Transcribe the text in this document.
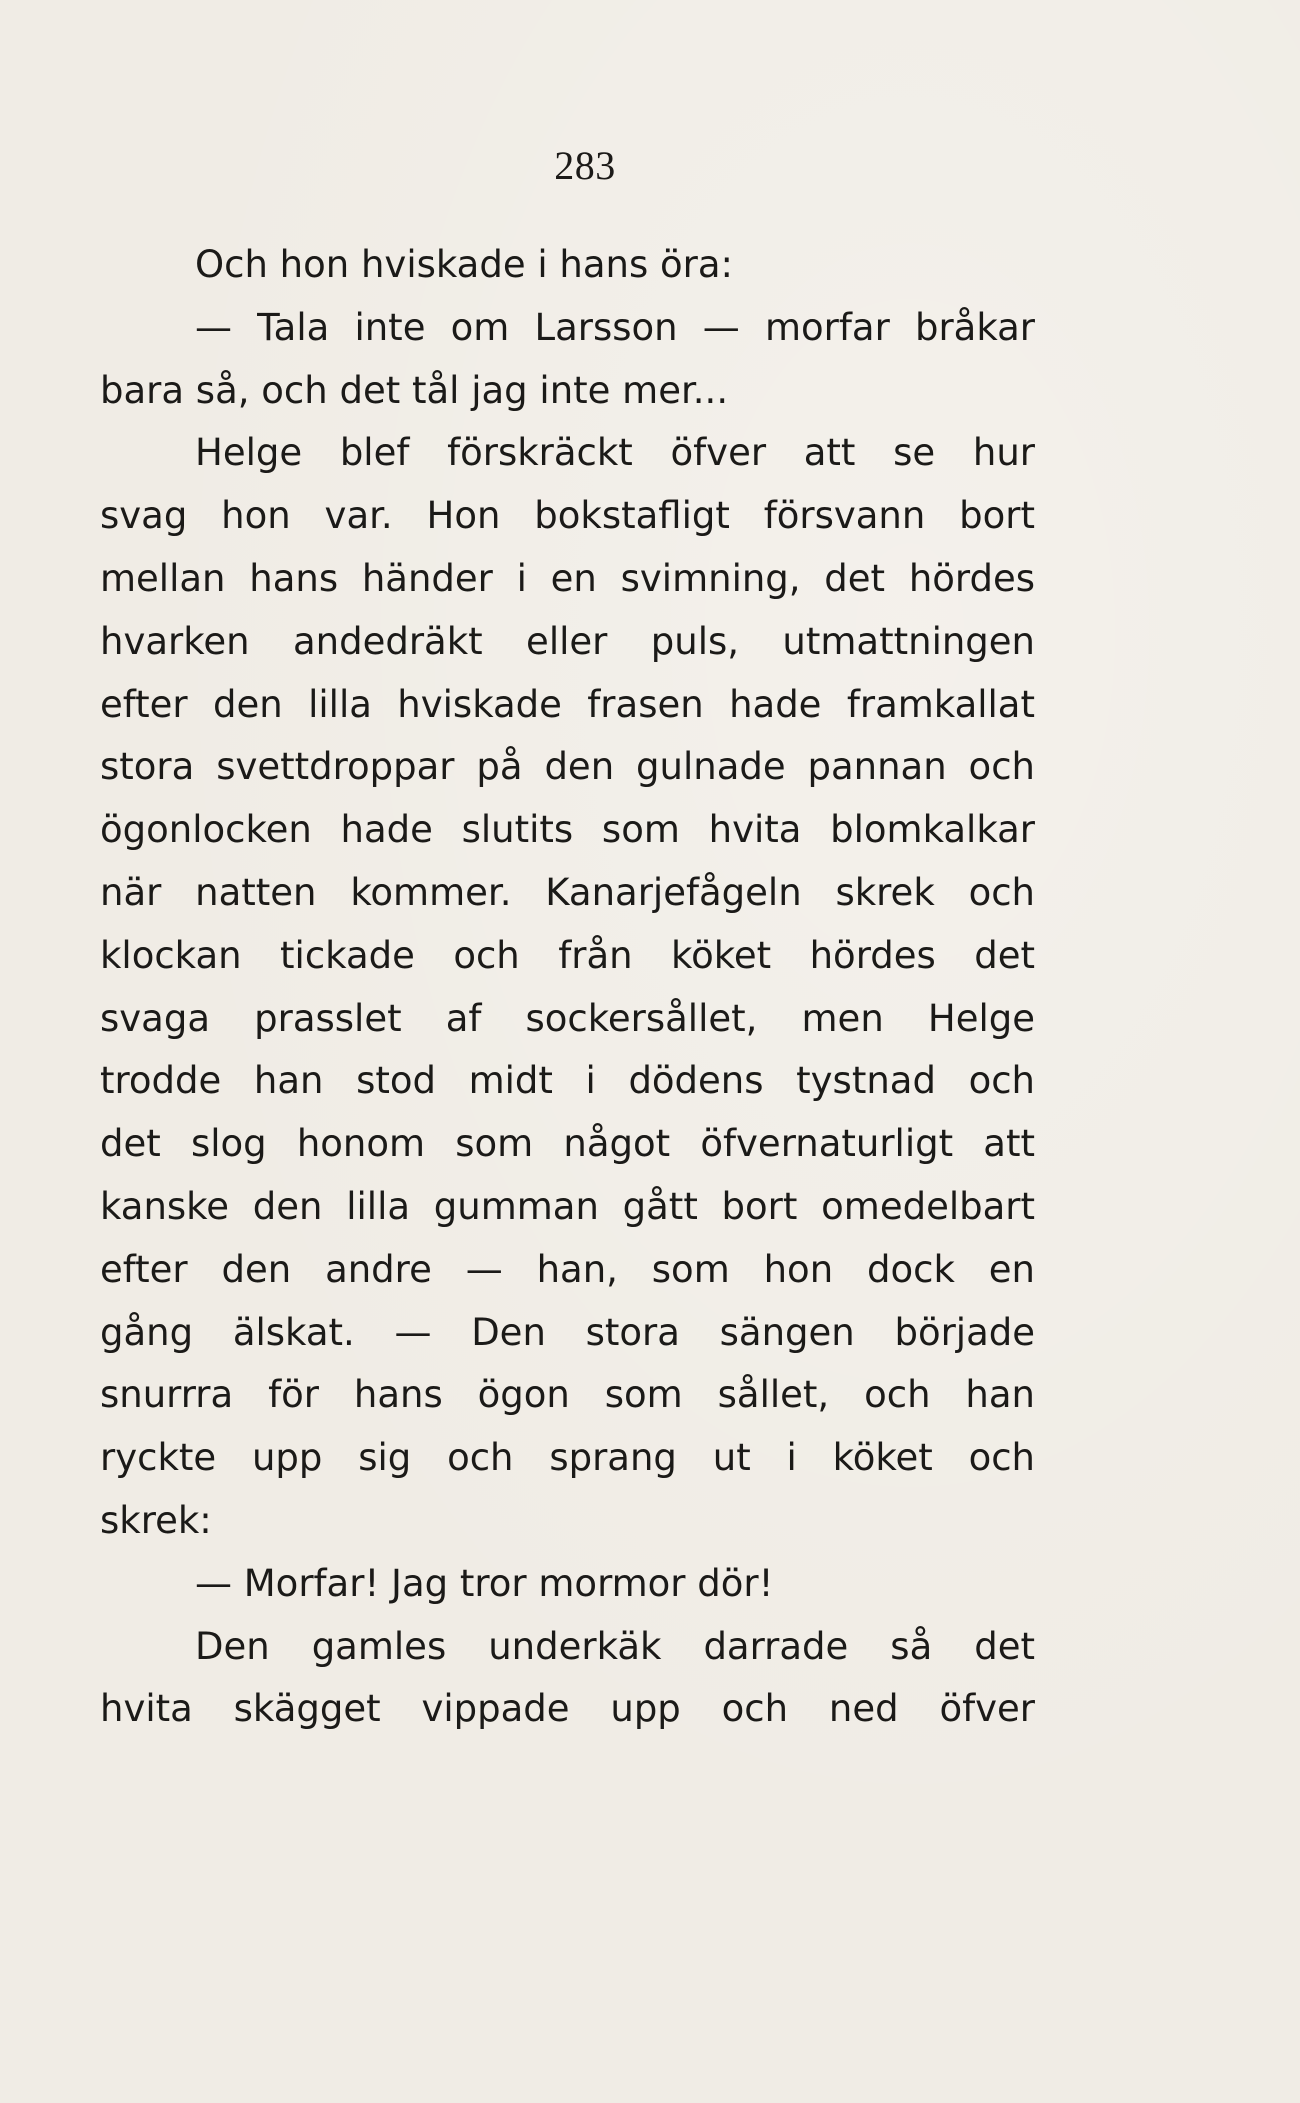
283
Och hon hviskade i hans öra:
— Tala inte om Larsson — morfar bråkar
bara så, och det tål jag inte mer...
Helge blef förskräckt öfver att se hur
svag hon var. Hon bokstafligt försvann bort
mellan hans händer i en svimning, det hördes
hvarken andedräkt eller puls, utmattningen
efter den lilla hviskade frasen hade framkallat
stora svettdroppar på den gulnade pannan och
ögonlocken hade slutits som hvita blomkalkar
när natten kommer. Kanarjefågeln skrek och
klockan tickade och från köket hördes det
svaga prasslet af sockersållet, men Helge
trodde han stod midt i dödens tystnad och
det slog honom som något öfvernaturligt att
kanske den lilla gumman gått bort omedelbart
efter den andre — han, som hon dock en
gång älskat. — Den stora sängen började
snurrra för hans ögon som sållet, och han
ryckte upp sig och sprang ut i köket och
skrek:
— Morfar! Jag tror mormor dör!
Den gamles underkäk darrade så det
hvita skägget vippade upp och ned öfver
